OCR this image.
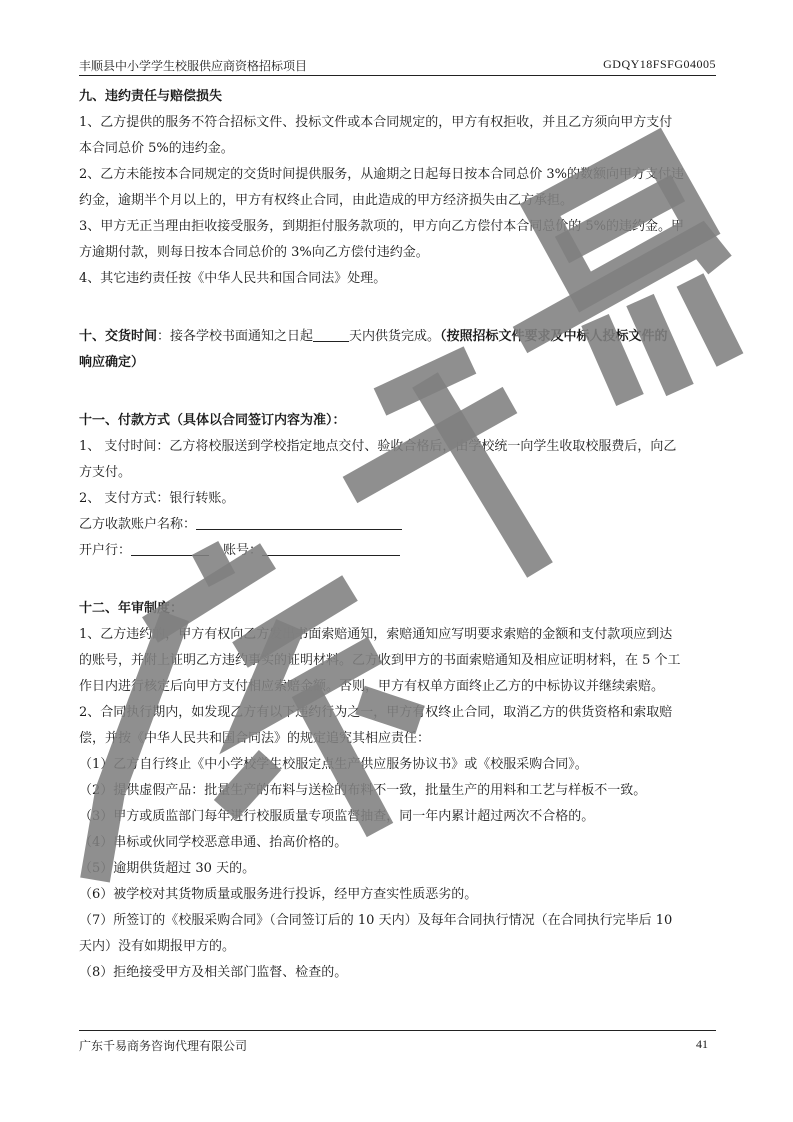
丰顺县中小学学生校服供应商资格招标项目	GDQY18FSFG04005
九、违约责任与赔偿损失
1、乙方提供的服务不符合招标文件、投标文件或本合同规定的，甲方有权拒收，并且乙方须向甲方支付
本合同总价 5%的违约金。
2、乙方未能按本合同规定的交货时间提供服务，从逾期之日起每日按本合同总价 3%的数额向甲方支付违
约金，逾期半个月以上的，甲方有权终止合同，由此造成的甲方经济损失由乙方承担。
3、甲方无正当理由拒收接受服务，到期拒付服务款项的，甲方向乙方偿付本合同总价的 5%的违约金。甲
方逾期付款，则每日按本合同总价的 3%向乙方偿付违约金。
4、其它违约责任按《中华人民共和国合同法》处理。
十、交货时间：接各学校书面通知之日起	天内供货完成。（按照招标文件要求及中标人投标文件的
响应确定）
十一、付款方式（具体以合同签订内容为准）：
1、 支付时间：乙方将校服送到学校指定地点交付、验收合格后，由学校统一向学生收取校服费后，向乙
方支付。
2、 支付方式：银行转账。
乙方收款账户名称：
开户行：	账号：
十二、年审制度：
1、乙方违约的，甲方有权向乙方发出书面索赔通知，索赔通知应写明要求索赔的金额和支付款项应到达
的账号，并附上证明乙方违约事实的证明材料。乙方收到甲方的书面索赔通知及相应证明材料，在 5 个工
作日内进行核定后向甲方支付相应索赔金额。否则，甲方有权单方面终止乙方的中标协议并继续索赔。
2、合同执行期内，如发现乙方有以下违约行为之一，甲方有权终止合同，取消乙方的供货资格和索取赔
偿，并按《中华人民共和国合同法》的规定追究其相应责任：
（1）乙方自行终止《中小学校学生校服定点生产供应服务协议书》或《校服采购合同》。
（2）提供虚假产品：批量生产的布料与送检的布料不一致，批量生产的用料和工艺与样板不一致。
（3）甲方或质监部门每年进行校服质量专项监督抽查，同一年内累计超过两次不合格的。
（4）串标或伙同学校恶意串通、抬高价格的。
（5）逾期供货超过 30 天的。
（6）被学校对其货物质量或服务进行投诉，经甲方查实性质恶劣的。
（7）所签订的《校服采购合同》（合同签订后的 10 天内）及每年合同执行情况（在合同执行完毕后 10
天内）没有如期报甲方的。
（8）拒绝接受甲方及相关部门监督、检查的。
广东千易商务咨询代理有限公司	41
